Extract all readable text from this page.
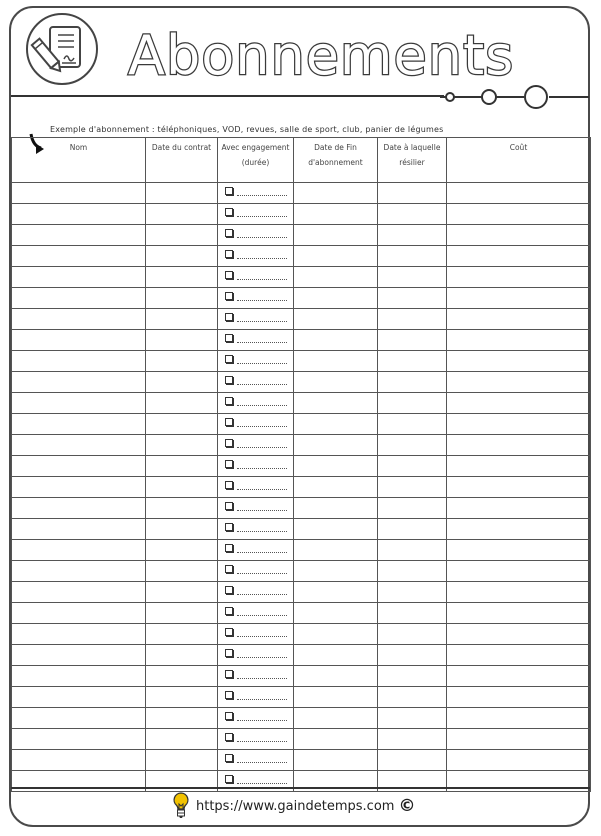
Abonnements
Exemple d'abonnement : téléphoniques, VOD, revues, salle de sport, club, panier de légumes
Nom	Date du contrat	Avec engagement (durée)	Date de Fin d'abonnement	Date à laquelle résilier	Coût

https://www.gaindetemps.com ©
